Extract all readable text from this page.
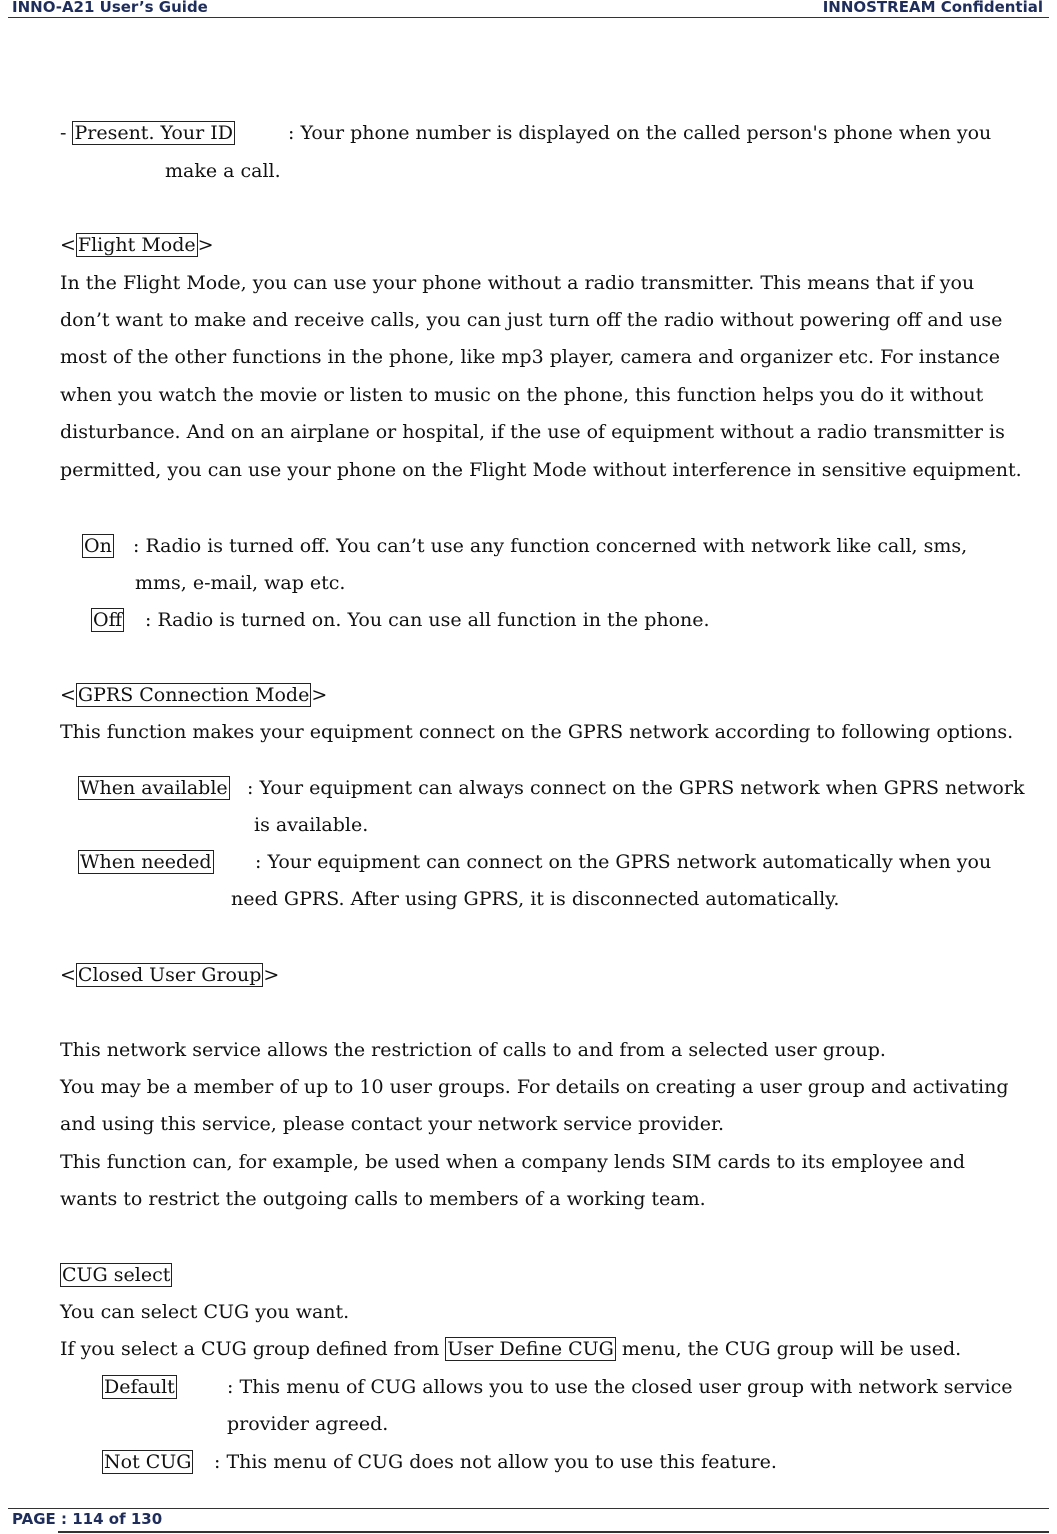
INNO-A21 User’s Guide	INNOSTREAM Confidential
- Present. Your ID	: Your phone number is displayed on the called person's phone when you
make a call.
< Flight Mode >
In the Flight Mode, you can use your phone without a radio transmitter. This means that if you
don’t want to make and receive calls, you can just turn off the radio without powering off and use
most of the other functions in the phone, like mp3 player, camera and organizer etc. For instance
when you watch the movie or listen to music on the phone, this function helps you do it without
disturbance. And on an airplane or hospital, if the use of equipment without a radio transmitter is
permitted, you can use your phone on the Flight Mode without interference in sensitive equipment.
On : Radio is turned off. You can’t use any function concerned with network like call, sms,
mms, e-mail, wap etc.
Off : Radio is turned on. You can use all function in the phone.
< GPRS Connection Mode >
This function makes your equipment connect on the GPRS network according to following options.
When available : Your equipment can always connect on the GPRS network when GPRS network
is available.
When needed : Your equipment can connect on the GPRS network automatically when you
need GPRS. After using GPRS, it is disconnected automatically.
< Closed User Group >
This network service allows the restriction of calls to and from a selected user group.
You may be a member of up to 10 user groups. For details on creating a user group and activating
and using this service, please contact your network service provider.
This function can, for example, be used when a company lends SIM cards to its employee and
wants to restrict the outgoing calls to members of a working team.
CUG select
You can select CUG you want.
If you select a CUG group defined from User Define CUG menu, the CUG group will be used.
Default	: This menu of CUG allows you to use the closed user group with network service
provider agreed.
Not CUG : This menu of CUG does not allow you to use this feature.
PAGE : 114 of 130
